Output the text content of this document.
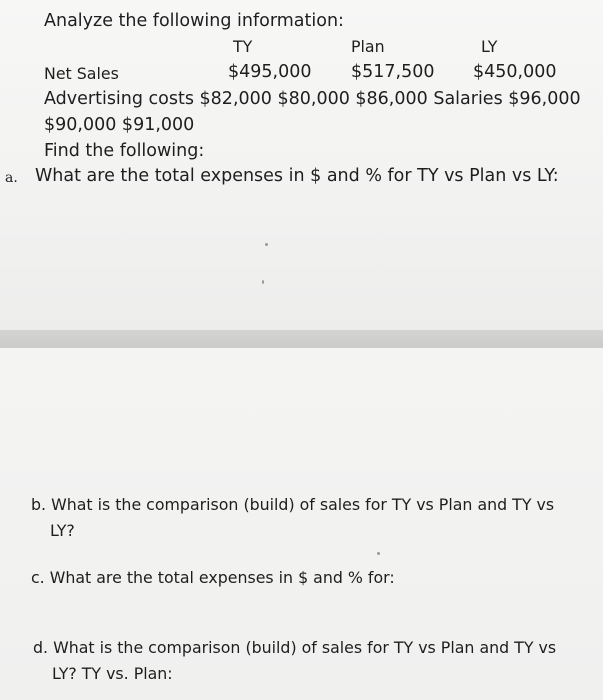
Analyze the following information:
TY	Plan	LY
Net Sales	$495,000 $517,500 $450,000
Advertising costs $82,000 $80,000 $86,000 Salaries $96,000
$90,000 $91,000
Find the following:
a. What are the total expenses in $ and % for TY vs Plan vs LY:
b. What is the comparison (build) of sales for TY vs Plan and TY vs
LY?
c. What are the total expenses in $ and % for:
d. What is the comparison (build) of sales for TY vs Plan and TY vs
LY? TY vs. Plan:
